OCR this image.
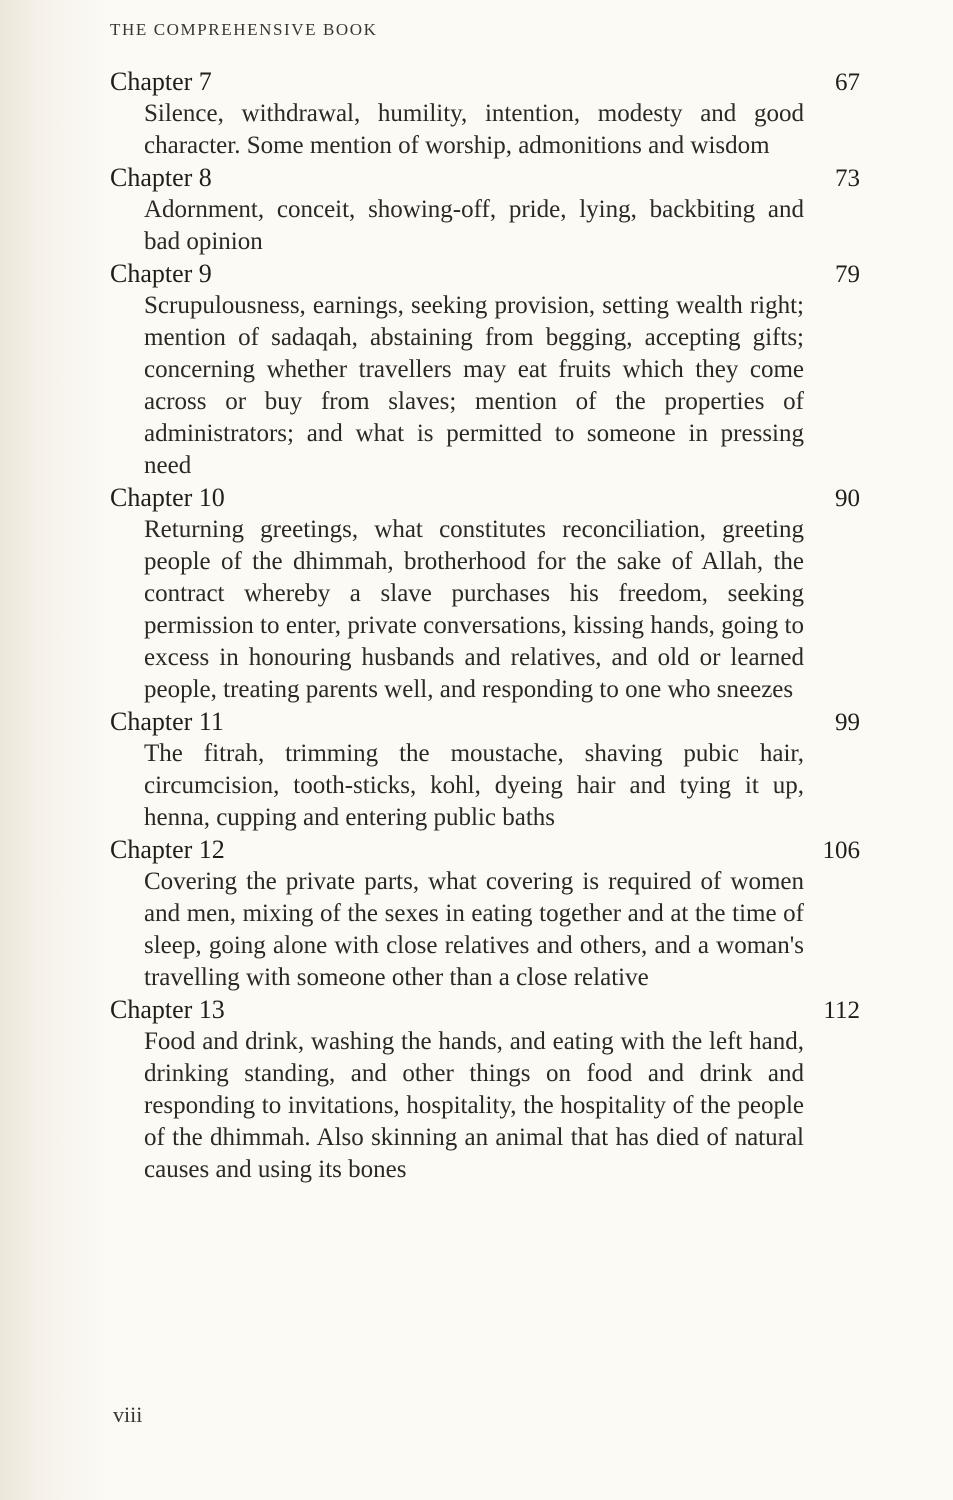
THE COMPREHENSIVE BOOK
Chapter 7	67
Silence, withdrawal, humility, intention, modesty and good character. Some mention of worship, admonitions and wisdom
Chapter 8	73
Adornment, conceit, showing-off, pride, lying, backbiting and bad opinion
Chapter 9	79
Scrupulousness, earnings, seeking provision, setting wealth right; mention of sadaqah, abstaining from begging, accepting gifts; concerning whether travellers may eat fruits which they come across or buy from slaves; mention of the properties of administrators; and what is permitted to someone in pressing need
Chapter 10	90
Returning greetings, what constitutes reconciliation, greeting people of the dhimmah, brotherhood for the sake of Allah, the contract whereby a slave purchases his freedom, seeking permission to enter, private conversations, kissing hands, going to excess in honouring husbands and relatives, and old or learned people, treating parents well, and responding to one who sneezes
Chapter 11	99
The fitrah, trimming the moustache, shaving pubic hair, circumcision, tooth-sticks, kohl, dyeing hair and tying it up, henna, cupping and entering public baths
Chapter 12	106
Covering the private parts, what covering is required of women and men, mixing of the sexes in eating together and at the time of sleep, going alone with close relatives and others, and a woman's travelling with someone other than a close relative
Chapter 13	112
Food and drink, washing the hands, and eating with the left hand, drinking standing, and other things on food and drink and responding to invitations, hospitality, the hospitality of the people of the dhimmah. Also skinning an animal that has died of natural causes and using its bones
viii
